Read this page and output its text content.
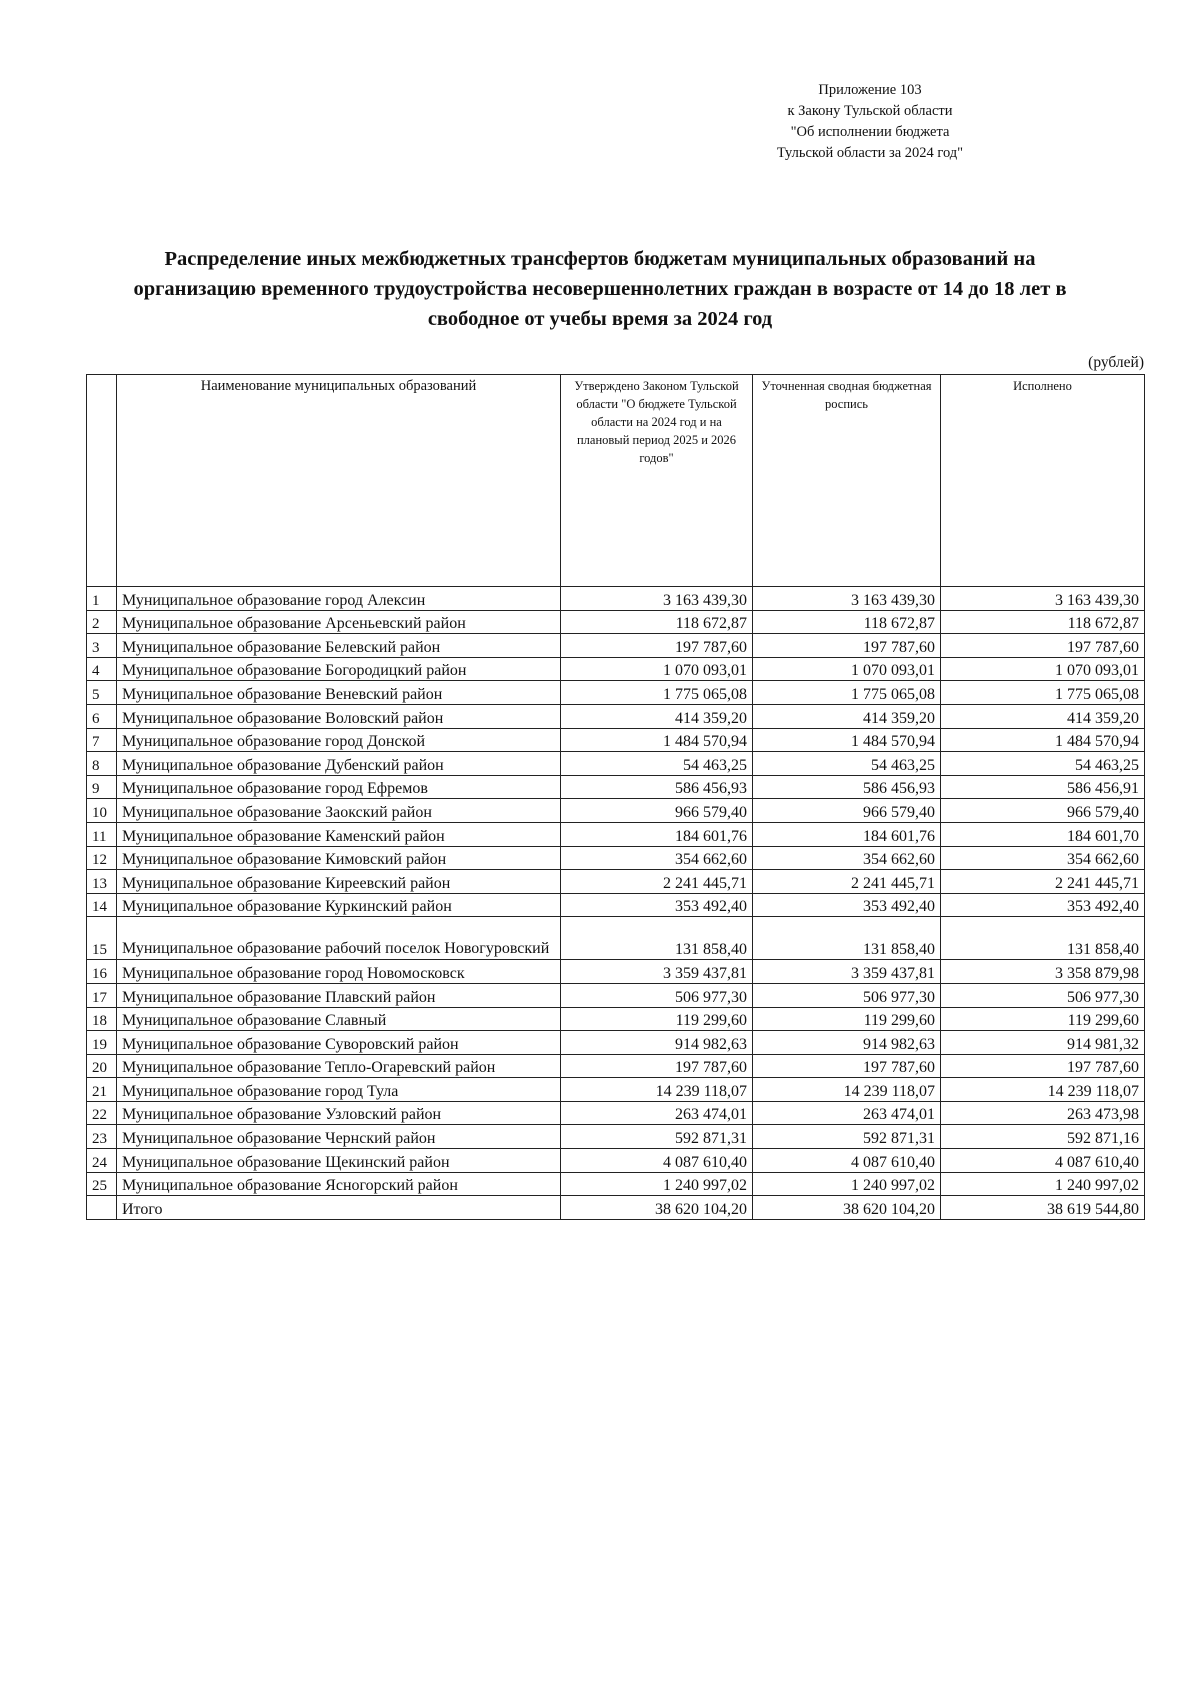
Приложение 103
к Закону Тульской области
"Об исполнении бюджета
Тульской области за 2024 год"
Распределение иных межбюджетных трансфертов бюджетам муниципальных образований на
организацию временного трудоустройства несовершеннолетних граждан в возрасте от 14 до 18 лет в
свободное от учебы время за 2024 год
(рублей)
	Наименование муниципальных образований	Утверждено Законом Тульской области "О бюджете Тульской области на 2024 год и на плановый период 2025 и 2026 годов"	Уточненная сводная бюджетная роспись	Исполнено
1	Муниципальное образование город Алексин	3 163 439,30	3 163 439,30	3 163 439,30
2	Муниципальное образование Арсеньевский район	118 672,87	118 672,87	118 672,87
3	Муниципальное образование Белевский район	197 787,60	197 787,60	197 787,60
4	Муниципальное образование Богородицкий район	1 070 093,01	1 070 093,01	1 070 093,01
5	Муниципальное образование Веневский район	1 775 065,08	1 775 065,08	1 775 065,08
6	Муниципальное образование Воловский район	414 359,20	414 359,20	414 359,20
7	Муниципальное образование город Донской	1 484 570,94	1 484 570,94	1 484 570,94
8	Муниципальное образование Дубенский район	54 463,25	54 463,25	54 463,25
9	Муниципальное образование город Ефремов	586 456,93	586 456,93	586 456,91
10	Муниципальное образование Заокский район	966 579,40	966 579,40	966 579,40
11	Муниципальное образование Каменский район	184 601,76	184 601,76	184 601,70
12	Муниципальное образование Кимовский район	354 662,60	354 662,60	354 662,60
13	Муниципальное образование Киреевский район	2 241 445,71	2 241 445,71	2 241 445,71
14	Муниципальное образование Куркинский район	353 492,40	353 492,40	353 492,40
15	Муниципальное образование рабочий поселок Новогуровский	131 858,40	131 858,40	131 858,40
16	Муниципальное образование город Новомосковск	3 359 437,81	3 359 437,81	3 358 879,98
17	Муниципальное образование Плавский район	506 977,30	506 977,30	506 977,30
18	Муниципальное образование Славный	119 299,60	119 299,60	119 299,60
19	Муниципальное образование Суворовский район	914 982,63	914 982,63	914 981,32
20	Муниципальное образование Тепло-Огаревский район	197 787,60	197 787,60	197 787,60
21	Муниципальное образование город Тула	14 239 118,07	14 239 118,07	14 239 118,07
22	Муниципальное образование Узловский район	263 474,01	263 474,01	263 473,98
23	Муниципальное образование Чернский район	592 871,31	592 871,31	592 871,16
24	Муниципальное образование Щекинский район	4 087 610,40	4 087 610,40	4 087 610,40
25	Муниципальное образование Ясногорский район	1 240 997,02	1 240 997,02	1 240 997,02
	Итого	38 620 104,20	38 620 104,20	38 619 544,80
